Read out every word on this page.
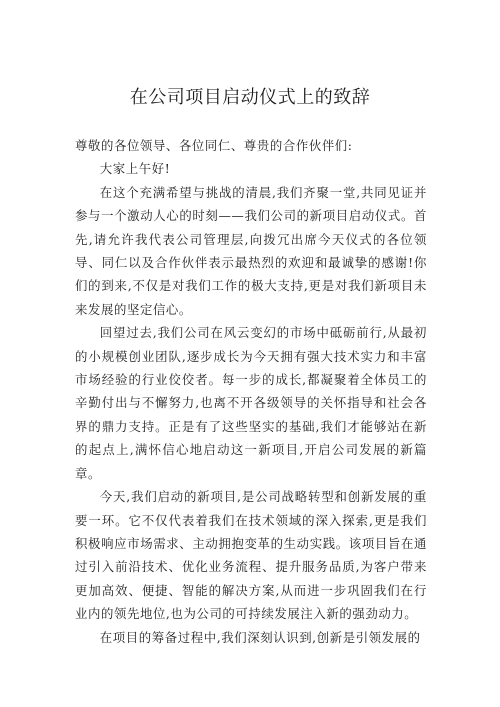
在公司项目启动仪式上的致辞

尊敬的各位领导、各位同仁、尊贵的合作伙伴们:

大家上午好!

在这个充满希望与挑战的清晨,我们齐聚一堂,共同见证并参与一个激动人心的时刻——我们公司的新项目启动仪式。首先,请允许我代表公司管理层,向拨冗出席今天仪式的各位领导、同仁以及合作伙伴表示最热烈的欢迎和最诚挚的感谢!你们的到来,不仅是对我们工作的极大支持,更是对我们新项目未来发展的坚定信心。

回望过去,我们公司在风云变幻的市场中砥砺前行,从最初的小规模创业团队,逐步成长为今天拥有强大技术实力和丰富市场经验的行业佼佼者。每一步的成长,都凝聚着全体员工的辛勤付出与不懈努力,也离不开各级领导的关怀指导和社会各界的鼎力支持。正是有了这些坚实的基础,我们才能够站在新的起点上,满怀信心地启动这一新项目,开启公司发展的新篇章。

今天,我们启动的新项目,是公司战略转型和创新发展的重要一环。它不仅代表着我们在技术领域的深入探索,更是我们积极响应市场需求、主动拥抱变革的生动实践。该项目旨在通过引入前沿技术、优化业务流程、提升服务品质,为客户带来更加高效、便捷、智能的解决方案,从而进一步巩固我们在行业内的领先地位,也为公司的可持续发展注入新的强劲动力。

在项目的筹备过程中,我们深刻认识到,创新是引领发展的
